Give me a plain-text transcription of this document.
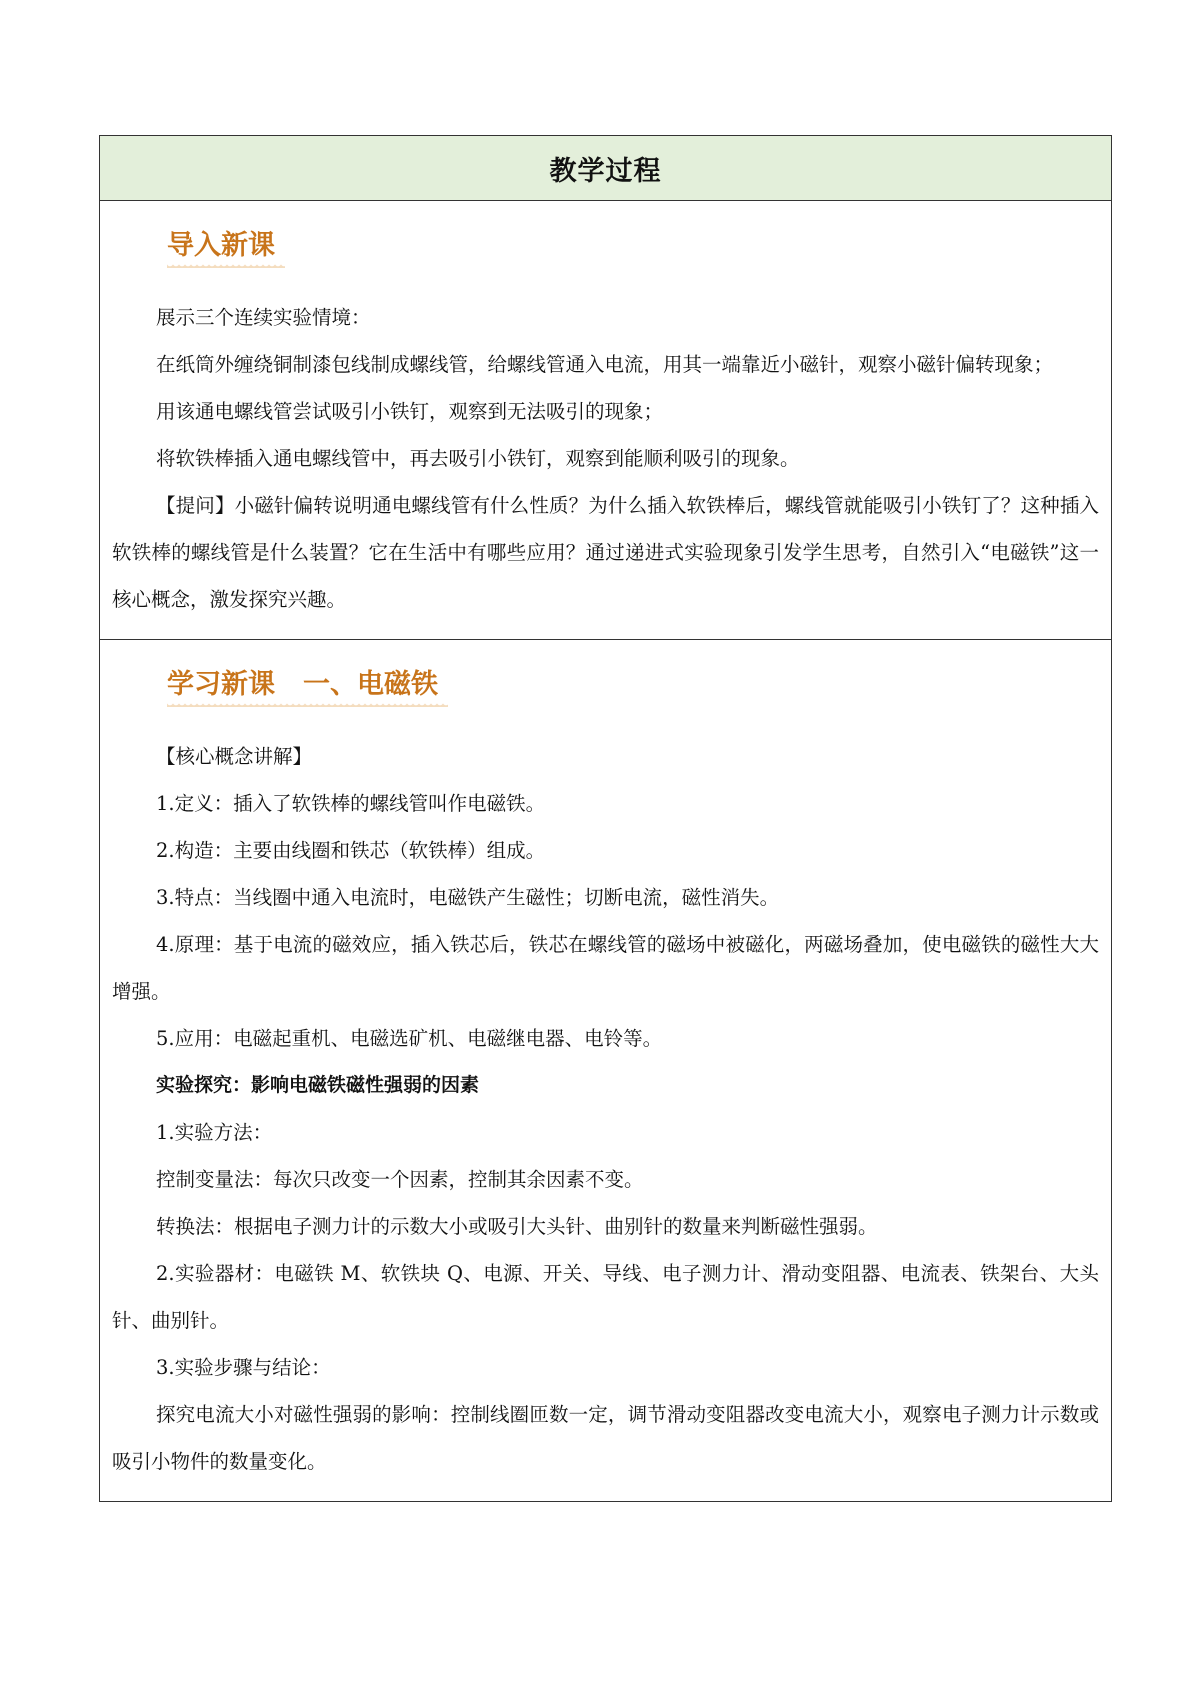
教学过程
导入新课

展示三个连续实验情境：

在纸筒外缠绕铜制漆包线制成螺线管，给螺线管通入电流，用其一端靠近小磁针，观察小磁针偏转现象；

用该通电螺线管尝试吸引小铁钉，观察到无法吸引的现象；

将软铁棒插入通电螺线管中，再去吸引小铁钉，观察到能顺利吸引的现象。

【提问】小磁针偏转说明通电螺线管有什么性质？为什么插入软铁棒后，螺线管就能吸引小铁钉了？这种插入软铁棒的螺线管是什么装置？它在生活中有哪些应用？通过递进式实验现象引发学生思考，自然引入“电磁铁”这一核心概念，激发探究兴趣。

学习新课 一、电磁铁

【核心概念讲解】

1.定义：插入了软铁棒的螺线管叫作电磁铁。

2.构造：主要由线圈和铁芯（软铁棒）组成。

3.特点：当线圈中通入电流时，电磁铁产生磁性；切断电流，磁性消失。

4.原理：基于电流的磁效应，插入铁芯后，铁芯在螺线管的磁场中被磁化，两磁场叠加，使电磁铁的磁性大大增强。

5.应用：电磁起重机、电磁选矿机、电磁继电器、电铃等。

实验探究：影响电磁铁磁性强弱的因素

1.实验方法：

控制变量法：每次只改变一个因素，控制其余因素不变。

转换法：根据电子测力计的示数大小或吸引大头针、曲别针的数量来判断磁性强弱。

2.实验器材：电磁铁 M、软铁块 Q、电源、开关、导线、电子测力计、滑动变阻器、电流表、铁架台、大头针、曲别针。

3.实验步骤与结论：

探究电流大小对磁性强弱的影响：控制线圈匝数一定，调节滑动变阻器改变电流大小，观察电子测力计示数或吸引小物件的数量变化。
